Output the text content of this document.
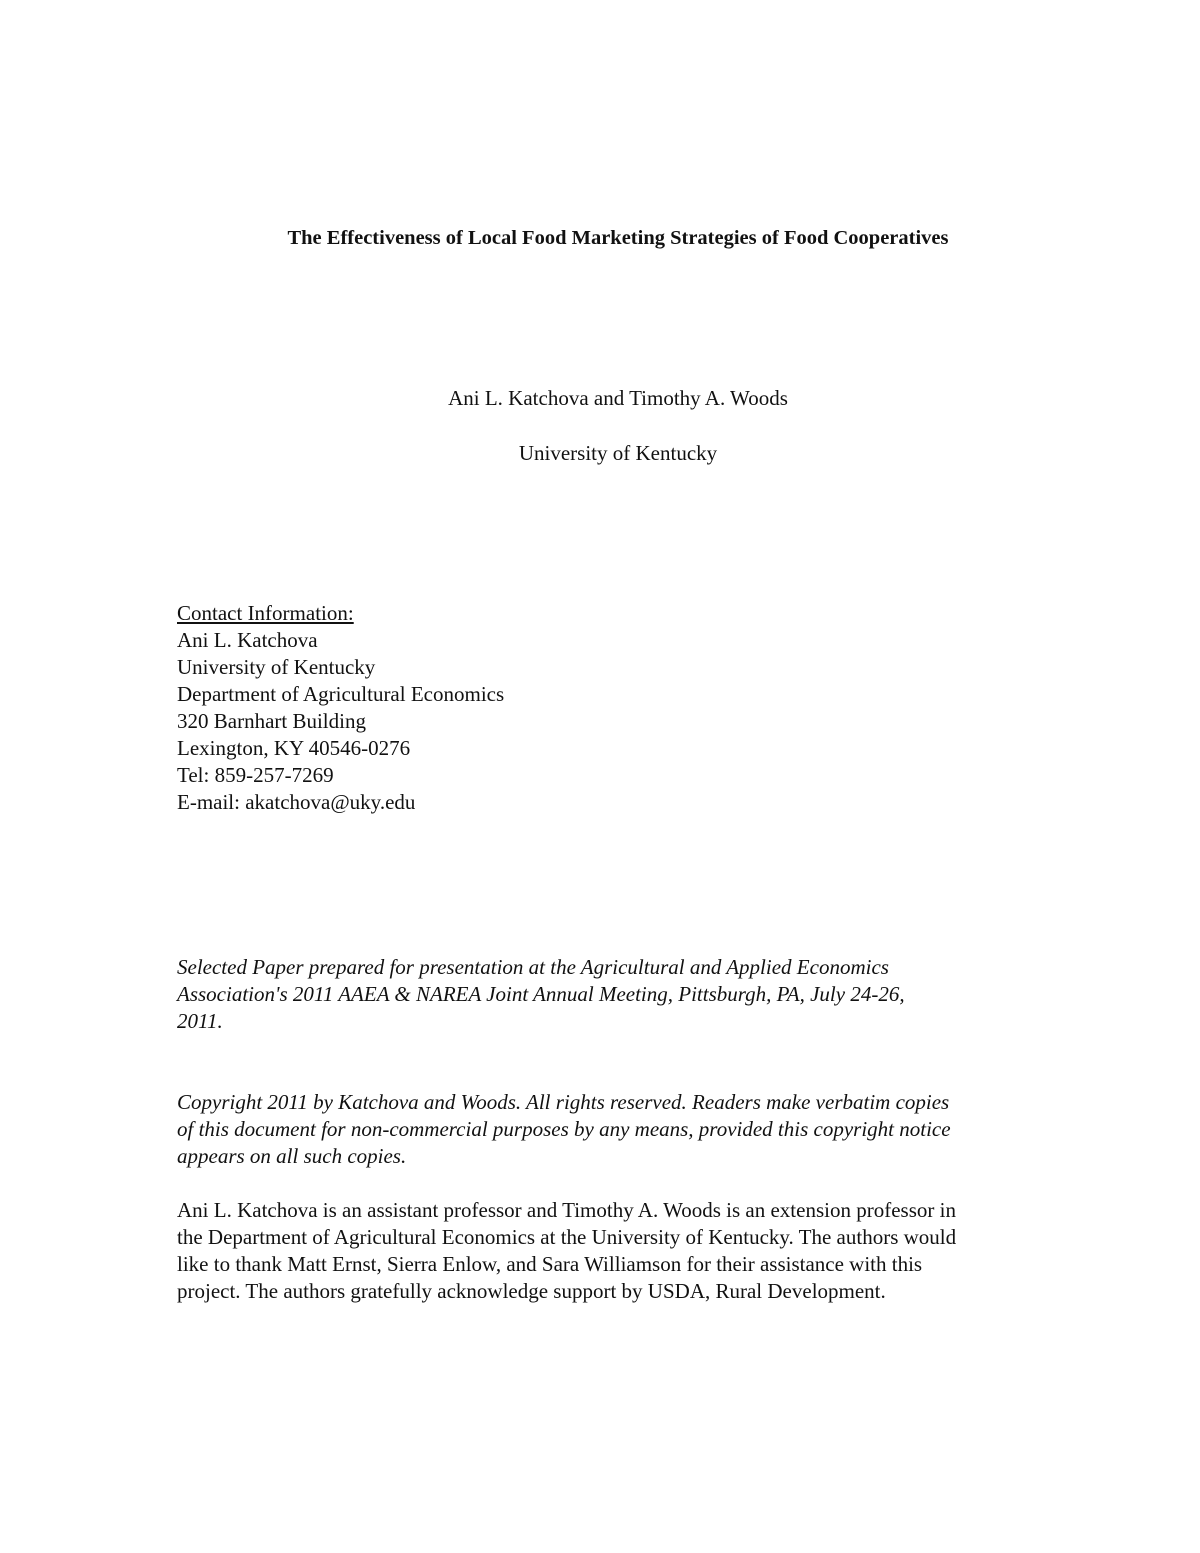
The Effectiveness of Local Food Marketing Strategies of Food Cooperatives
Ani L. Katchova and Timothy A. Woods
University of Kentucky
Contact Information:
Ani L. Katchova
University of Kentucky
Department of Agricultural Economics
320 Barnhart Building
Lexington, KY 40546-0276
Tel: 859-257-7269
E-mail: akatchova@uky.edu
Selected Paper prepared for presentation at the Agricultural and Applied Economics
Association's 2011 AAEA & NAREA Joint Annual Meeting, Pittsburgh, PA, July 24-26,
2011.
Copyright 2011 by Katchova and Woods. All rights reserved. Readers make verbatim copies
of this document for non-commercial purposes by any means, provided this copyright notice
appears on all such copies.
Ani L. Katchova is an assistant professor and Timothy A. Woods is an extension professor in
the Department of Agricultural Economics at the University of Kentucky. The authors would
like to thank Matt Ernst, Sierra Enlow, and Sara Williamson for their assistance with this
project. The authors gratefully acknowledge support by USDA, Rural Development.
